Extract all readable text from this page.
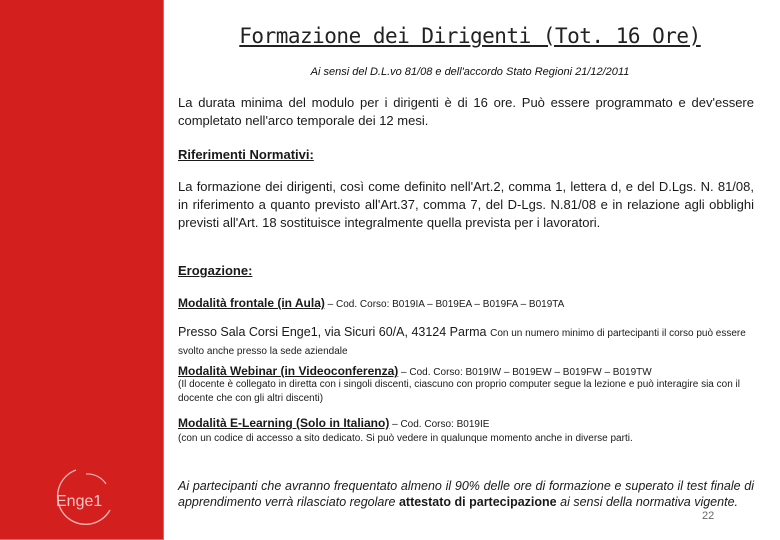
Enge1
Formazione dei Dirigenti (Tot. 16 Ore)
Ai sensi del D.L.vo 81/08 e dell'accordo Stato Regioni 21/12/2011
La durata minima del modulo per i dirigenti è di 16 ore. Può essere programmato e dev'essere completato nell'arco temporale dei 12 mesi.
Riferimenti Normativi:
La formazione dei dirigenti, così come definito nell'Art.2, comma 1, lettera d, e del D.Lgs. N. 81/08, in riferimento a quanto previsto all'Art.37, comma 7, del D-Lgs. N.81/08 e in relazione agli obblighi previsti all'Art. 18 sostituisce integralmente quella prevista per i lavoratori.
Erogazione:
Modalità frontale (in Aula) – Cod. Corso: B019IA – B019EA – B019FA – B019TA
Presso Sala Corsi Enge1, via Sicuri 60/A, 43124 Parma Con un numero minimo di partecipanti il corso può essere svolto anche presso la sede aziendale
Modalità Webinar (in Videoconferenza) – Cod. Corso: B019IW – B019EW – B019FW – B019TW
(Il docente è collegato in diretta con i singoli discenti, ciascuno con proprio computer segue la lezione e può interagire sia con il docente che con gli altri discenti)
Modalità E-Learning (Solo in Italiano) – Cod. Corso: B019IE
(con un codice di accesso a sito dedicato. Si può vedere in qualunque momento anche in diverse parti.
Ai partecipanti che avranno frequentato almeno il 90% delle ore di formazione e superato il test finale di apprendimento verrà rilasciato regolare attestato di partecipazione ai sensi della normativa vigente.
22
